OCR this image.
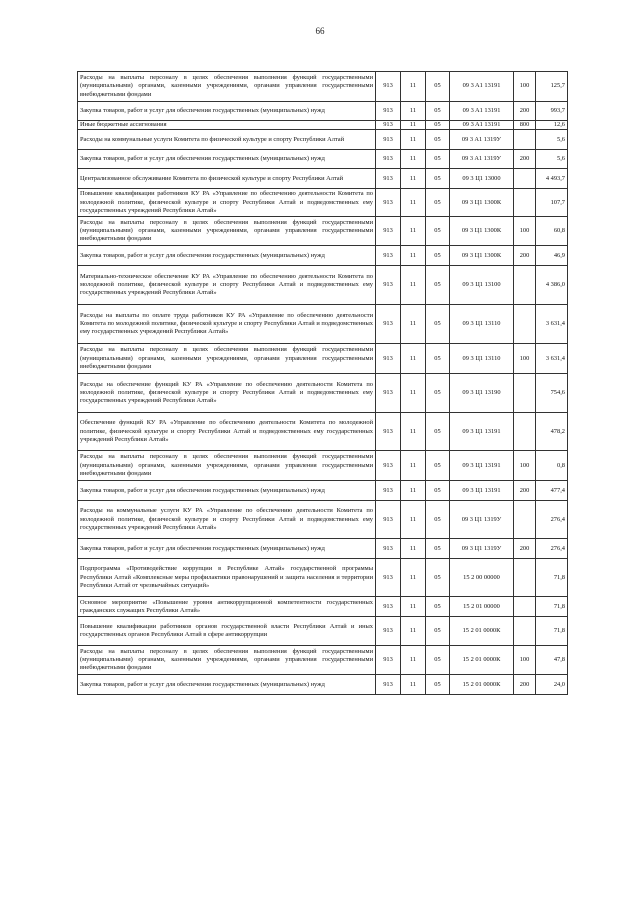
66
Расходы на выплаты персоналу в целях обеспечения выполнения функций государственными (муниципальными) органами, казенными учреждениями, органами управления государственными внебюджетными фондами	913	11	05	09 3 A1 13191	100	125,7
Закупка товаров, работ и услуг для обеспечения государственных (муниципальных) нужд	913	11	05	09 3 A1 13191	200	993,7
Иные бюджетные ассигнования	913	11	05	09 3 A1 13191	800	12,6
Расходы на коммунальные услуги Комитета по физической культуре и спорту Республики Алтай	913	11	05	09 3 A1 1319У		5,6
Закупка товаров, работ и услуг для обеспечения государственных (муниципальных) нужд	913	11	05	09 3 A1 1319У	200	5,6
Централизованное обслуживание Комитета по физической культуре и спорту Республики Алтай	913	11	05	09 3 Ц1 13000		4 493,7
Повышение квалификации работников КУ РА «Управление по обеспечению деятельности Комитета по молодежной политике, физической культуре и спорту Республики Алтай и подведомственных ему государственных учреждений Республики Алтай»	913	11	05	09 3 Ц1 1300К		107,7
Расходы на выплаты персоналу в целях обеспечения выполнения функций государственными (муниципальными) органами, казенными учреждениями, органами управления государственными внебюджетными фондами	913	11	05	09 3 Ц1 1300К	100	60,8
Закупка товаров, работ и услуг для обеспечения государственных (муниципальных) нужд	913	11	05	09 3 Ц1 1300К	200	46,9
Материально-техническое обеспечение КУ РА «Управление по обеспечению деятельности Комитета по молодежной политике, физической культуре и спорту Республики Алтай и подведомственных ему государственных учреждений Республики Алтай»	913	11	05	09 3 Ц1 13100		4 386,0
Расходы на выплаты по оплате труда работников КУ РА «Управление по обеспечению деятельности Комитета по молодежной политике, физической культуре и спорту Республики Алтай и подведомственных ему государственных учреждений Республики Алтай»	913	11	05	09 3 Ц1 13110		3 631,4
Расходы на выплаты персоналу в целях обеспечения выполнения функций государственными (муниципальными) органами, казенными учреждениями, органами управления государственными внебюджетными фондами	913	11	05	09 3 Ц1 13110	100	3 631,4
Расходы на обеспечение функций КУ РА «Управление по обеспечению деятельности Комитета по молодежной политике, физической культуре и спорту Республики Алтай и подведомственных ему государственных учреждений Республики Алтай»	913	11	05	09 3 Ц1 13190		754,6
Обеспечение функций КУ РА «Управление по обеспечению деятельности Комитета по молодежной политике, физической культуре и спорту Республики Алтай и подведомственных ему государственных учреждений Республики Алтай»	913	11	05	09 3 Ц1 13191		478,2
Расходы на выплаты персоналу в целях обеспечения выполнения функций государственными (муниципальными) органами, казенными учреждениями, органами управления государственными внебюджетными фондами	913	11	05	09 3 Ц1 13191	100	0,8
Закупка товаров, работ и услуг для обеспечения государственных (муниципальных) нужд	913	11	05	09 3 Ц1 13191	200	477,4
Расходы на коммунальные услуги КУ РА «Управление по обеспечению деятельности Комитета по молодежной политике, физической культуре и спорту Республики Алтай и подведомственных ему государственных учреждений Республики Алтай»	913	11	05	09 3 Ц1 1319У		276,4
Закупка товаров, работ и услуг для обеспечения государственных (муниципальных) нужд	913	11	05	09 3 Ц1 1319У	200	276,4
Подпрограмма «Противодействие коррупции в Республике Алтай» государственной программы Республики Алтай «Комплексные меры профилактики правонарушений и защита населения и территории Республики Алтай от чрезвычайных ситуаций»	913	11	05	15 2 00 00000		71,8
Основное мероприятие «Повышение уровня антикоррупционной компетентности государственных гражданских служащих Республики Алтай»	913	11	05	15 2 01 00000		71,8
Повышение квалификации работников органов государственной власти Республики Алтай и иных государственных органов Республики Алтай в сфере антикоррупции	913	11	05	15 2 01 0000К		71,8
Расходы на выплаты персоналу в целях обеспечения выполнения функций государственными (муниципальными) органами, казенными учреждениями, органами управления государственными внебюджетными фондами	913	11	05	15 2 01 0000К	100	47,8
Закупка товаров, работ и услуг для обеспечения государственных (муниципальных) нужд	913	11	05	15 2 01 0000К	200	24,0
